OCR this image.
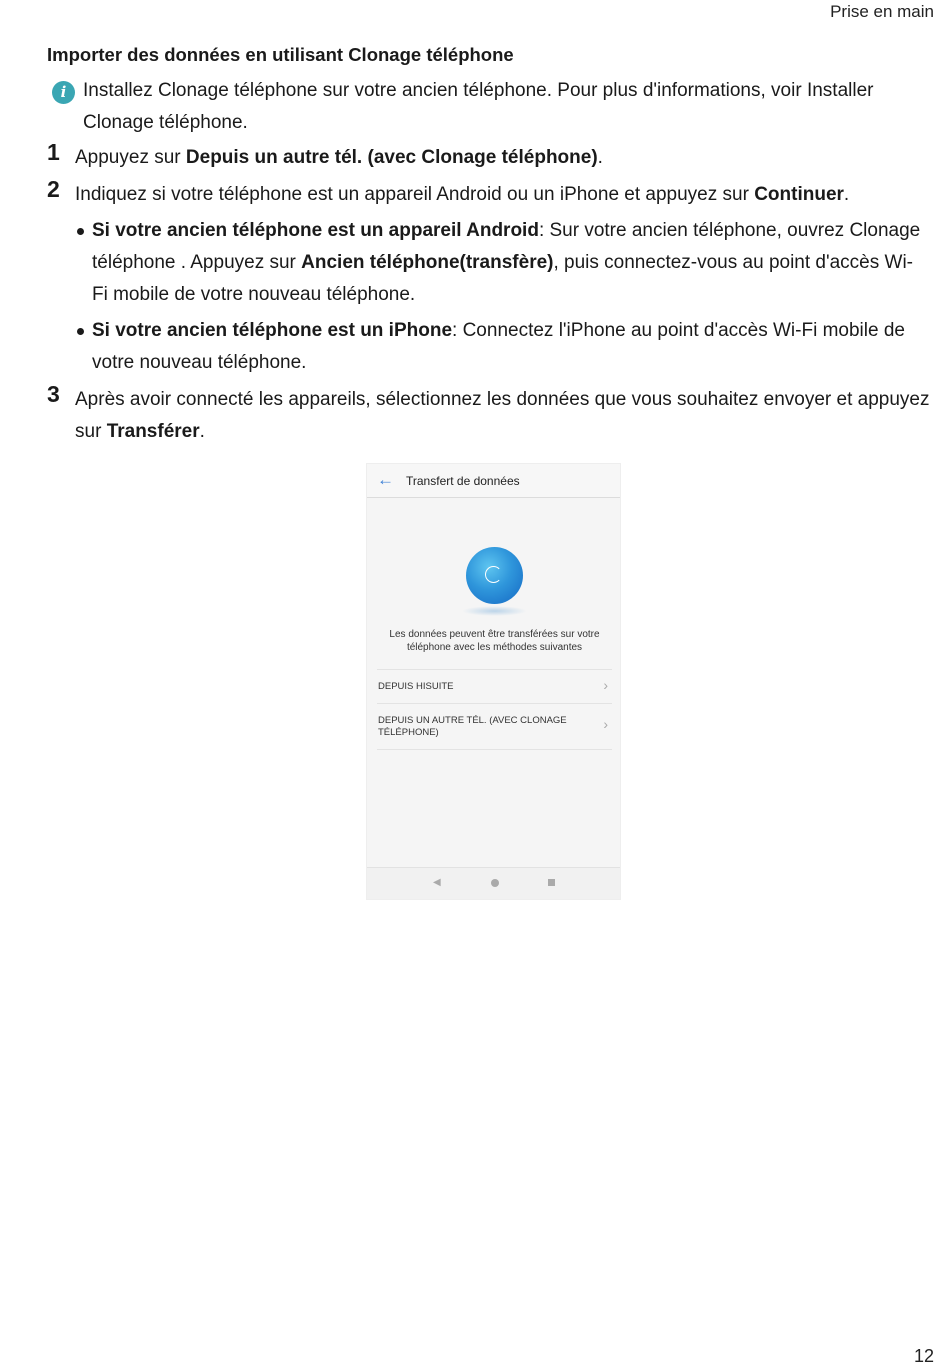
Prise en main
Importer des données en utilisant Clonage téléphone
i Installez Clonage téléphone sur votre ancien téléphone. Pour plus d'informations, voir Installer Clonage téléphone.
1 Appuyez sur Depuis un autre tél. (avec Clonage téléphone).
2 Indiquez si votre téléphone est un appareil Android ou un iPhone et appuyez sur Continuer.
Si votre ancien téléphone est un appareil Android: Sur votre ancien téléphone, ouvrez Clonage téléphone . Appuyez sur Ancien téléphone(transfère), puis connectez-vous au point d'accès Wi-Fi mobile de votre nouveau téléphone.
Si votre ancien téléphone est un iPhone: Connectez l'iPhone au point d'accès Wi-Fi mobile de votre nouveau téléphone.
3 Après avoir connecté les appareils, sélectionnez les données que vous souhaitez envoyer et appuyez sur Transférer.
← Transfert de données
Les données peuvent être transférées sur votre téléphone avec les méthodes suivantes
DEPUIS HISUITE	›
DEPUIS UN AUTRE TÉL. (AVEC CLONAGE TÉLÉPHONE)
›
◀
12
